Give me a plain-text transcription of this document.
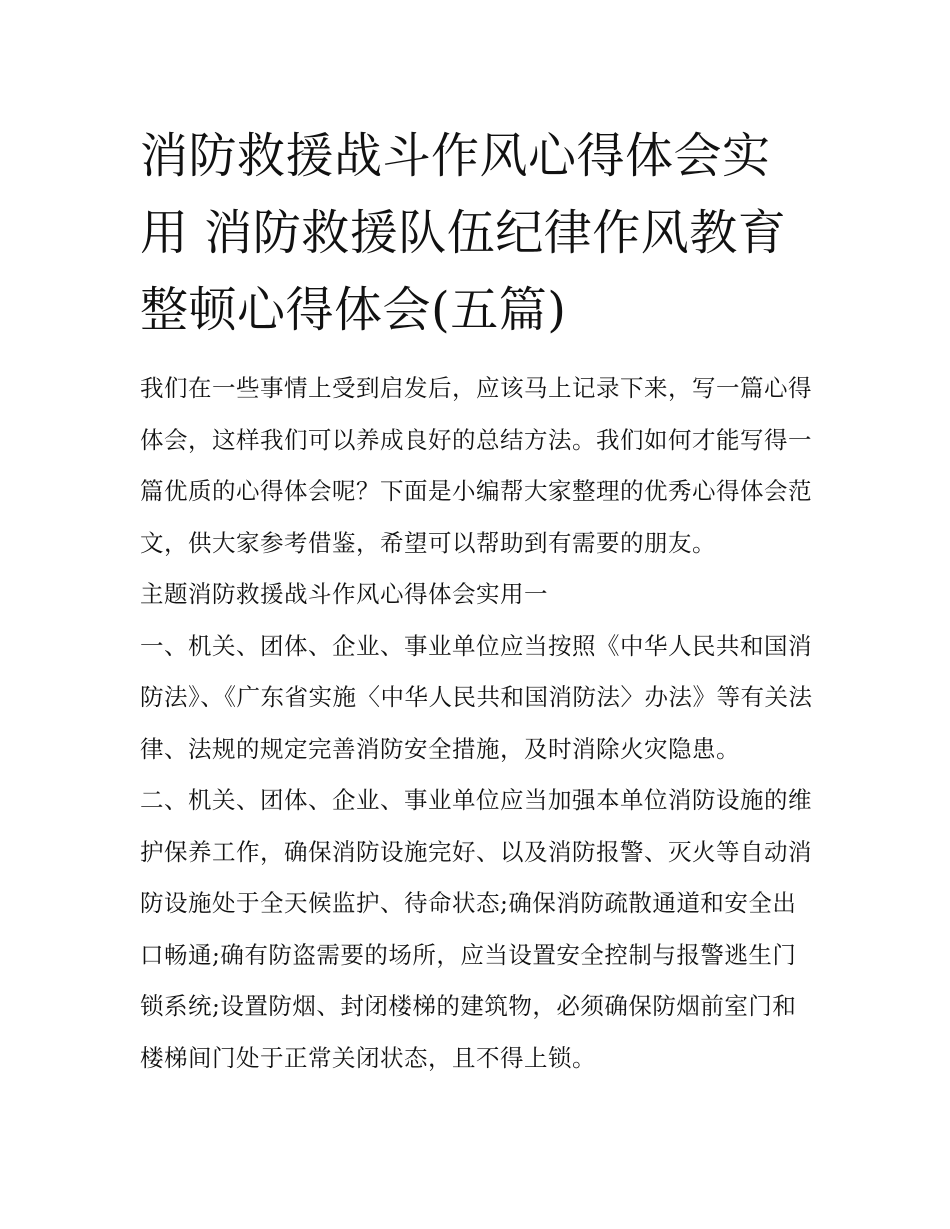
消防救援战斗作风心得体会实
用 消防救援队伍纪律作风教育
整顿心得体会(五篇)

我们在一些事情上受到启发后，应该马上记录下来，写一篇心得体会，这样我们可以养成良好的总结方法。我们如何才能写得一篇优质的心得体会呢？下面是小编帮大家整理的优秀心得体会范文，供大家参考借鉴，希望可以帮助到有需要的朋友。

主题消防救援战斗作风心得体会实用一

一、机关、团体、企业、事业单位应当按照《中华人民共和国消防法》、《广东省实施〈中华人民共和国消防法〉办法》等有关法律、法规的规定完善消防安全措施，及时消除火灾隐患。

二、机关、团体、企业、事业单位应当加强本单位消防设施的维护保养工作，确保消防设施完好、以及消防报警、灭火等自动消防设施处于全天候监护、待命状态;确保消防疏散通道和安全出口畅通;确有防盗需要的场所，应当设置安全控制与报警逃生门锁系统;设置防烟、封闭楼梯的建筑物，必须确保防烟前室门和楼梯间门处于正常关闭状态，且不得上锁。
